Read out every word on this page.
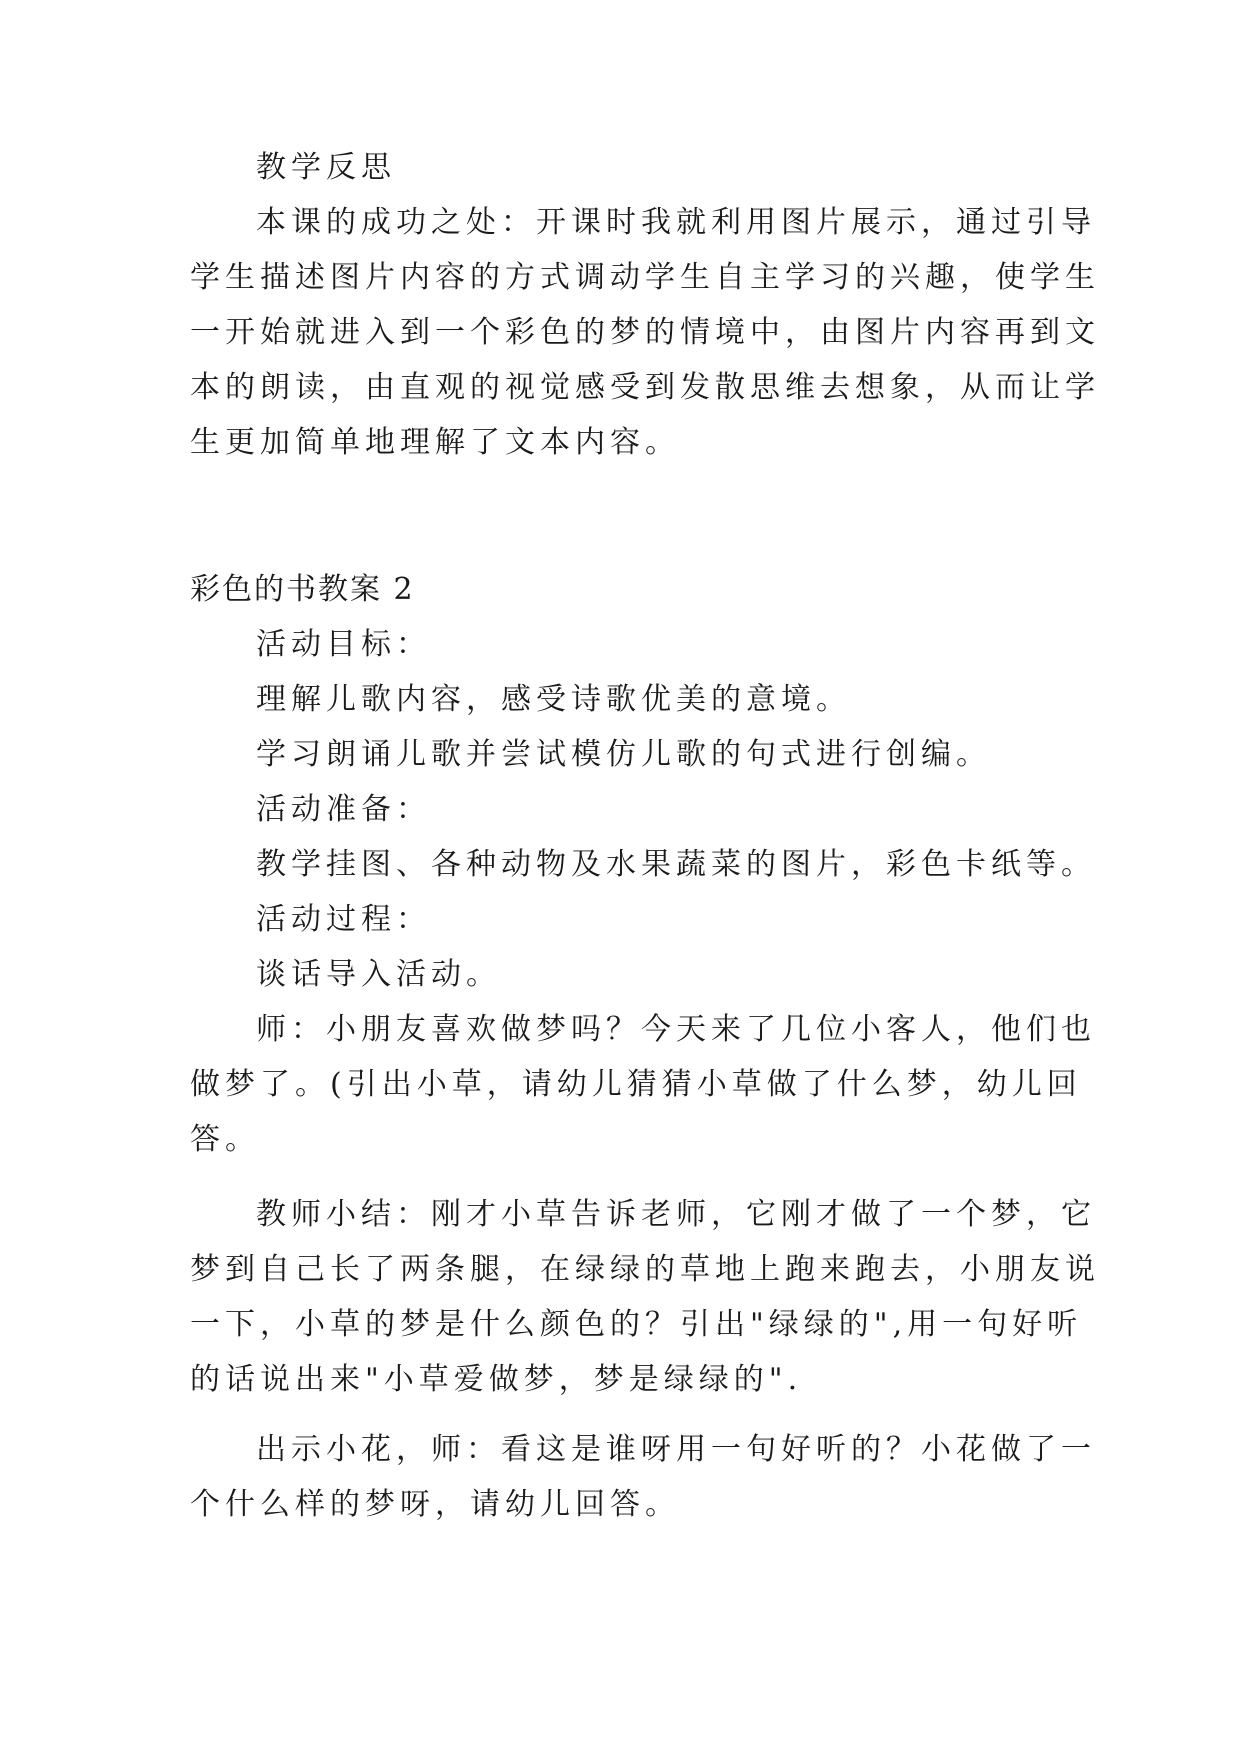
教学反思
本课的成功之处：开课时我就利用图片展示，通过引导
学生描述图片内容的方式调动学生自主学习的兴趣，使学生
一开始就进入到一个彩色的梦的情境中，由图片内容再到文
本的朗读，由直观的视觉感受到发散思维去想象，从而让学
生更加简单地理解了文本内容。
彩色的书教案 2
活动目标：
理解儿歌内容，感受诗歌优美的意境。
学习朗诵儿歌并尝试模仿儿歌的句式进行创编。
活动准备：
教学挂图、各种动物及水果蔬菜的图片，彩色卡纸等。
活动过程：
谈话导入活动。
师：小朋友喜欢做梦吗？今天来了几位小客人，他们也
做梦了。(引出小草，请幼儿猜猜小草做了什么梦，幼儿回
答。
教师小结：刚才小草告诉老师，它刚才做了一个梦，它
梦到自己长了两条腿，在绿绿的草地上跑来跑去，小朋友说
一下，小草的梦是什么颜色的？引出"绿绿的",用一句好听
的话说出来"小草爱做梦，梦是绿绿的".
出示小花，师：看这是谁呀用一句好听的？小花做了一
个什么样的梦呀，请幼儿回答。
